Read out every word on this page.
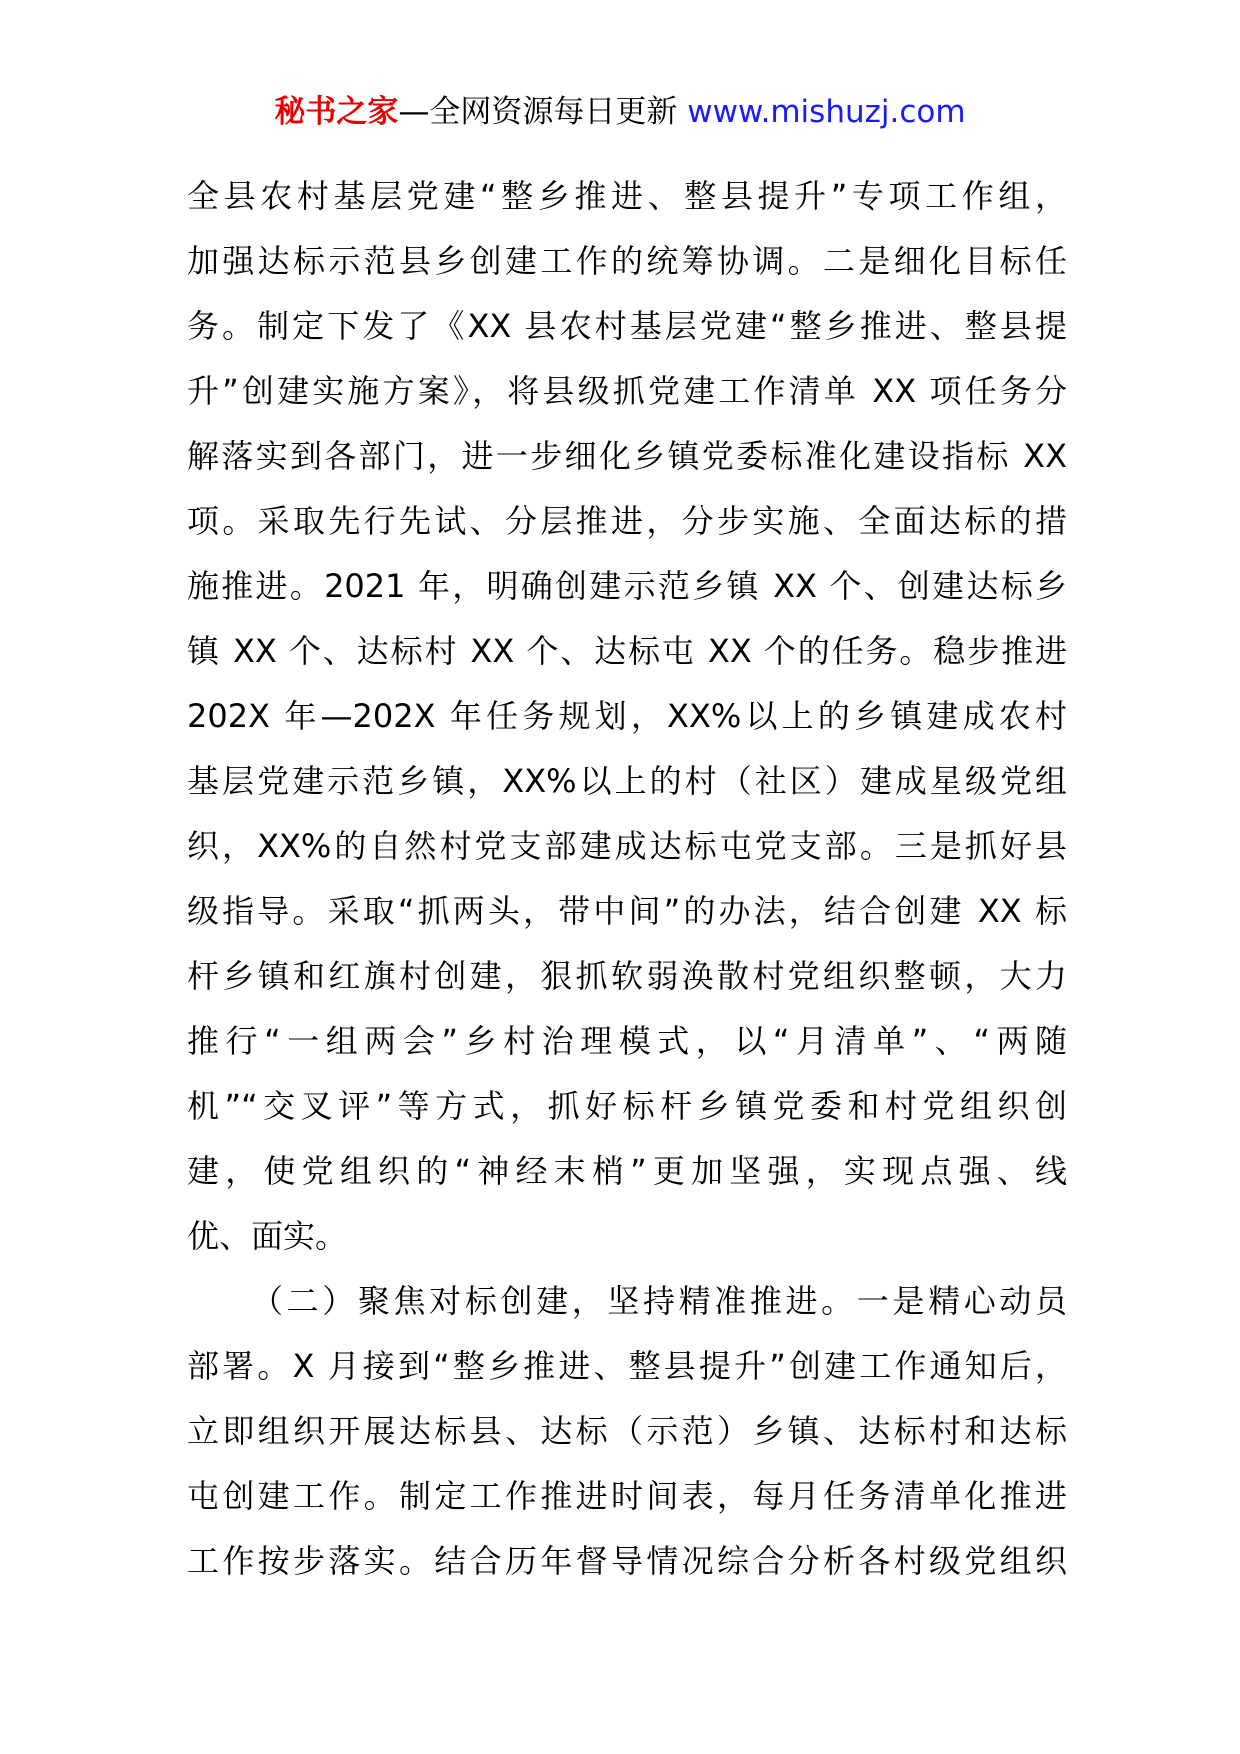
秘书之家—全网资源每日更新 www.mishuzj.com
全县农村基层党建“整乡推进、整县提升”专项工作组，
加强达标示范县乡创建工作的统筹协调。二是细化目标任
务。制定下发了《XX 县农村基层党建“整乡推进、整县提
升”创建实施方案》，将县级抓党建工作清单 XX 项任务分
解落实到各部门，进一步细化乡镇党委标准化建设指标 XX
项。采取先行先试、分层推进，分步实施、全面达标的措
施推进。2021 年，明确创建示范乡镇 XX 个、创建达标乡
镇 XX 个、达标村 XX 个、达标屯 XX 个的任务。稳步推进
202X 年—202X 年任务规划，XX%以上的乡镇建成农村
基层党建示范乡镇，XX%以上的村（社区）建成星级党组
织，XX%的自然村党支部建成达标屯党支部。三是抓好县
级指导。采取“抓两头，带中间”的办法，结合创建 XX 标
杆乡镇和红旗村创建，狠抓软弱涣散村党组织整顿，大力
推行“一组两会”乡村治理模式，以“月清单”、“两随
机”“交叉评”等方式，抓好标杆乡镇党委和村党组织创
建，使党组织的“神经末梢”更加坚强，实现点强、线
优、面实。
（二）聚焦对标创建，坚持精准推进。一是精心动员
部署。X 月接到“整乡推进、整县提升”创建工作通知后，
立即组织开展达标县、达标（示范）乡镇、达标村和达标
屯创建工作。制定工作推进时间表，每月任务清单化推进
工作按步落实。结合历年督导情况综合分析各村级党组织
